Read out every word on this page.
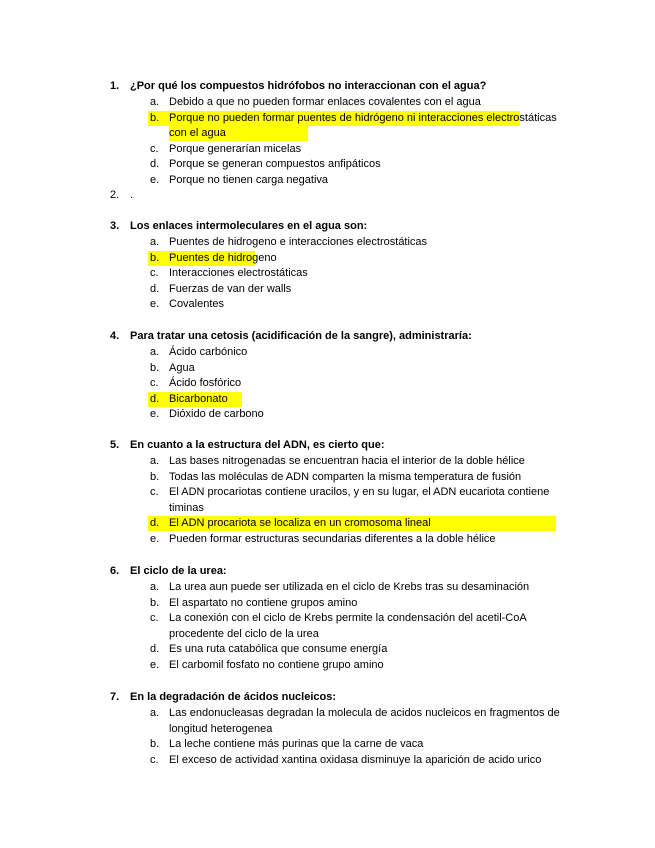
1. ¿Por qué los compuestos hidrófobos no interaccionan con el agua?
a. Debido a que no pueden formar enlaces covalentes con el agua
b. Porque no pueden formar puentes de hidrógeno ni interacciones electrostáticas con el agua
c. Porque generarían micelas
d. Porque se generan compuestos anfipáticos
e. Porque no tienen carga negativa
2. .
3. Los enlaces intermoleculares en el agua son:
a. Puentes de hidrogeno e interacciones electrostáticas
b. Puentes de hidrogeno
c. Interacciones electrostáticas
d. Fuerzas de van der walls
e. Covalentes
4. Para tratar una cetosis (acidificación de la sangre), administraría:
a. Ácido carbónico
b. Agua
c. Ácido fosfórico
d. Bicarbonato
e. Dióxido de carbono
5. En cuanto a la estructura del ADN, es cierto que:
a. Las bases nitrogenadas se encuentran hacia el interior de la doble hélice
b. Todas las moléculas de ADN comparten la misma temperatura de fusión
c. El ADN procariotas contiene uracilos, y en su lugar, el ADN eucariota contiene timinas
d. El ADN procariota se localiza en un cromosoma lineal
e. Pueden formar estructuras secundarias diferentes a la doble hélice
6. El ciclo de la urea:
a. La urea aun puede ser utilizada en el ciclo de Krebs tras su desaminación
b. El aspartato no contiene grupos amino
c. La conexión con el ciclo de Krebs permite la condensación del acetil-CoA procedente del ciclo de la urea
d. Es una ruta catabólica que consume energía
e. El carbomil fosfato no contiene grupo amino
7. En la degradación de ácidos nucleicos:
a. Las endonucleasas degradan la molecula de acidos nucleicos en fragmentos de longitud heterogenea
b. La leche contiene más purinas que la carne de vaca
c. El exceso de actividad xantina oxidasa disminuye la aparición de acido urico
